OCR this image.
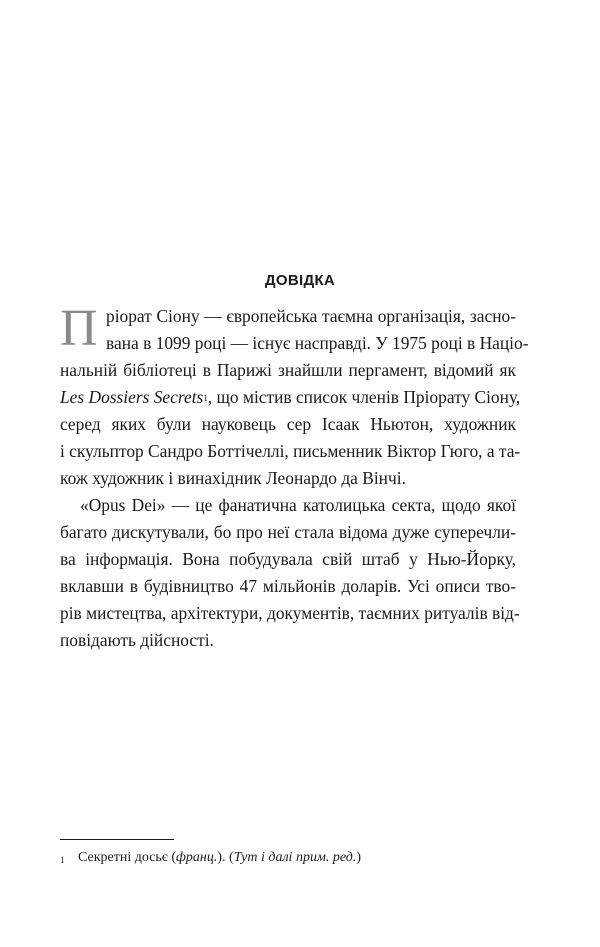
ДОВІДКА
П ріорат Сіону — європейська таємна організація, засно-
вана в 1099 році — існує насправді. У 1975 році в Націо-
нальній бібліотеці в Парижі знайшли пергамент, відомий як
Les Dossiers Secrets$^1$, що містив список членів Пріорату Сіону,
серед яких були науковець сер Ісаак Ньютон, художник
і скульптор Сандро Боттічеллі, письменник Віктор Гюго, а та-
кож художник і винахідник Леонардо да Вінчі.
«Opus Dei» — це фанатична католицька секта, щодо якої
багато дискутували, бо про неї стала відома дуже суперечли-
ва інформація. Вона побудувала свій штаб у Нью-Йорку,
вклавши в будівництво 47 мільйонів доларів. Усі описи тво-
рів мистецтва, архітектури, документів, таємних ритуалів від-
повідають дійсності.
1 Секретні досьє (франц.). (Тут і далі прим. ред.)
